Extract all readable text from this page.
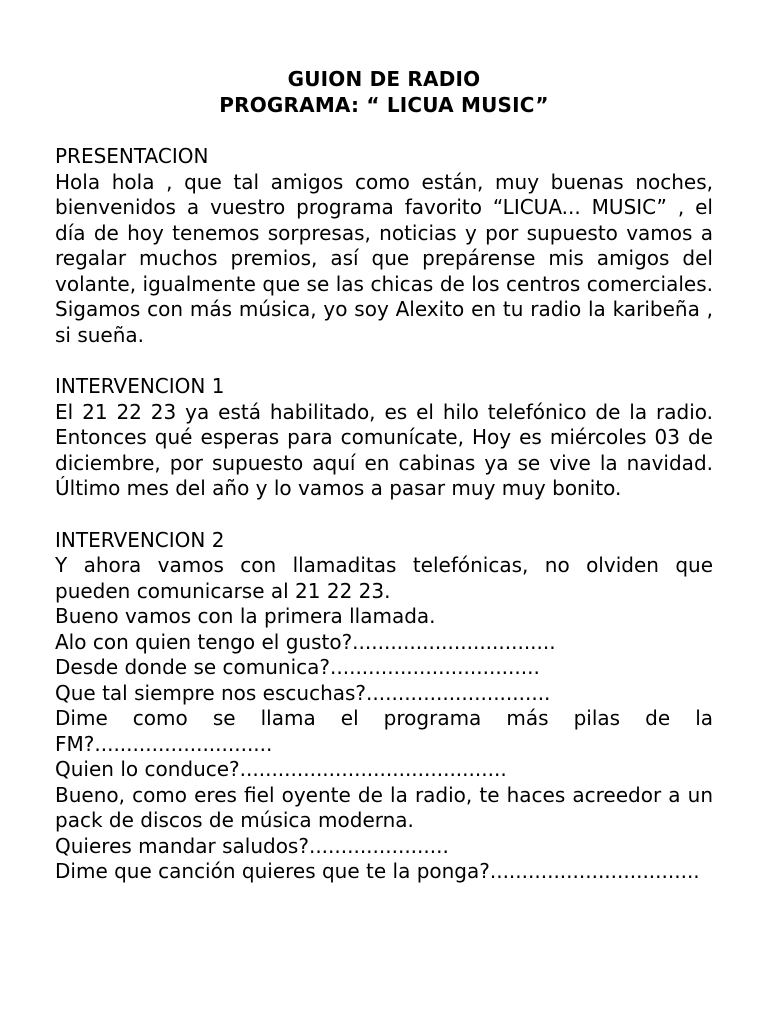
GUION DE RADIO
PROGRAMA: “ LICUA MUSIC”
PRESENTACION
Hola hola , que tal amigos como están, muy buenas noches, bienvenidos a vuestro programa favorito “LICUA... MUSIC” , el día de hoy tenemos sorpresas, noticias y por supuesto vamos a regalar muchos premios, así que prepárense mis amigos del volante, igualmente que se las chicas de los centros comerciales. Sigamos con más música, yo soy Alexito en tu radio la karibeña , si sueña.
INTERVENCION 1
El 21 22 23 ya está habilitado, es el hilo telefónico de la radio. Entonces qué esperas para comunícate, Hoy es miércoles 03 de diciembre, por supuesto aquí en cabinas ya se vive la navidad. Último mes del año y lo vamos a pasar muy muy bonito.
INTERVENCION 2
Y ahora vamos con llamaditas telefónicas, no olviden que pueden comunicarse al 21 22 23.
Bueno vamos con la primera llamada.
Alo con quien tengo el gusto?................................
Desde donde se comunica?.................................
Que tal siempre nos escuchas?.............................
Dime como se llama el programa más pilas de la FM?............................
Quien lo conduce?..........................................
Bueno, como eres fiel oyente de la radio, te haces acreedor a un pack de discos de música moderna.
Quieres mandar saludos?......................
Dime que canción quieres que te la ponga?.................................
